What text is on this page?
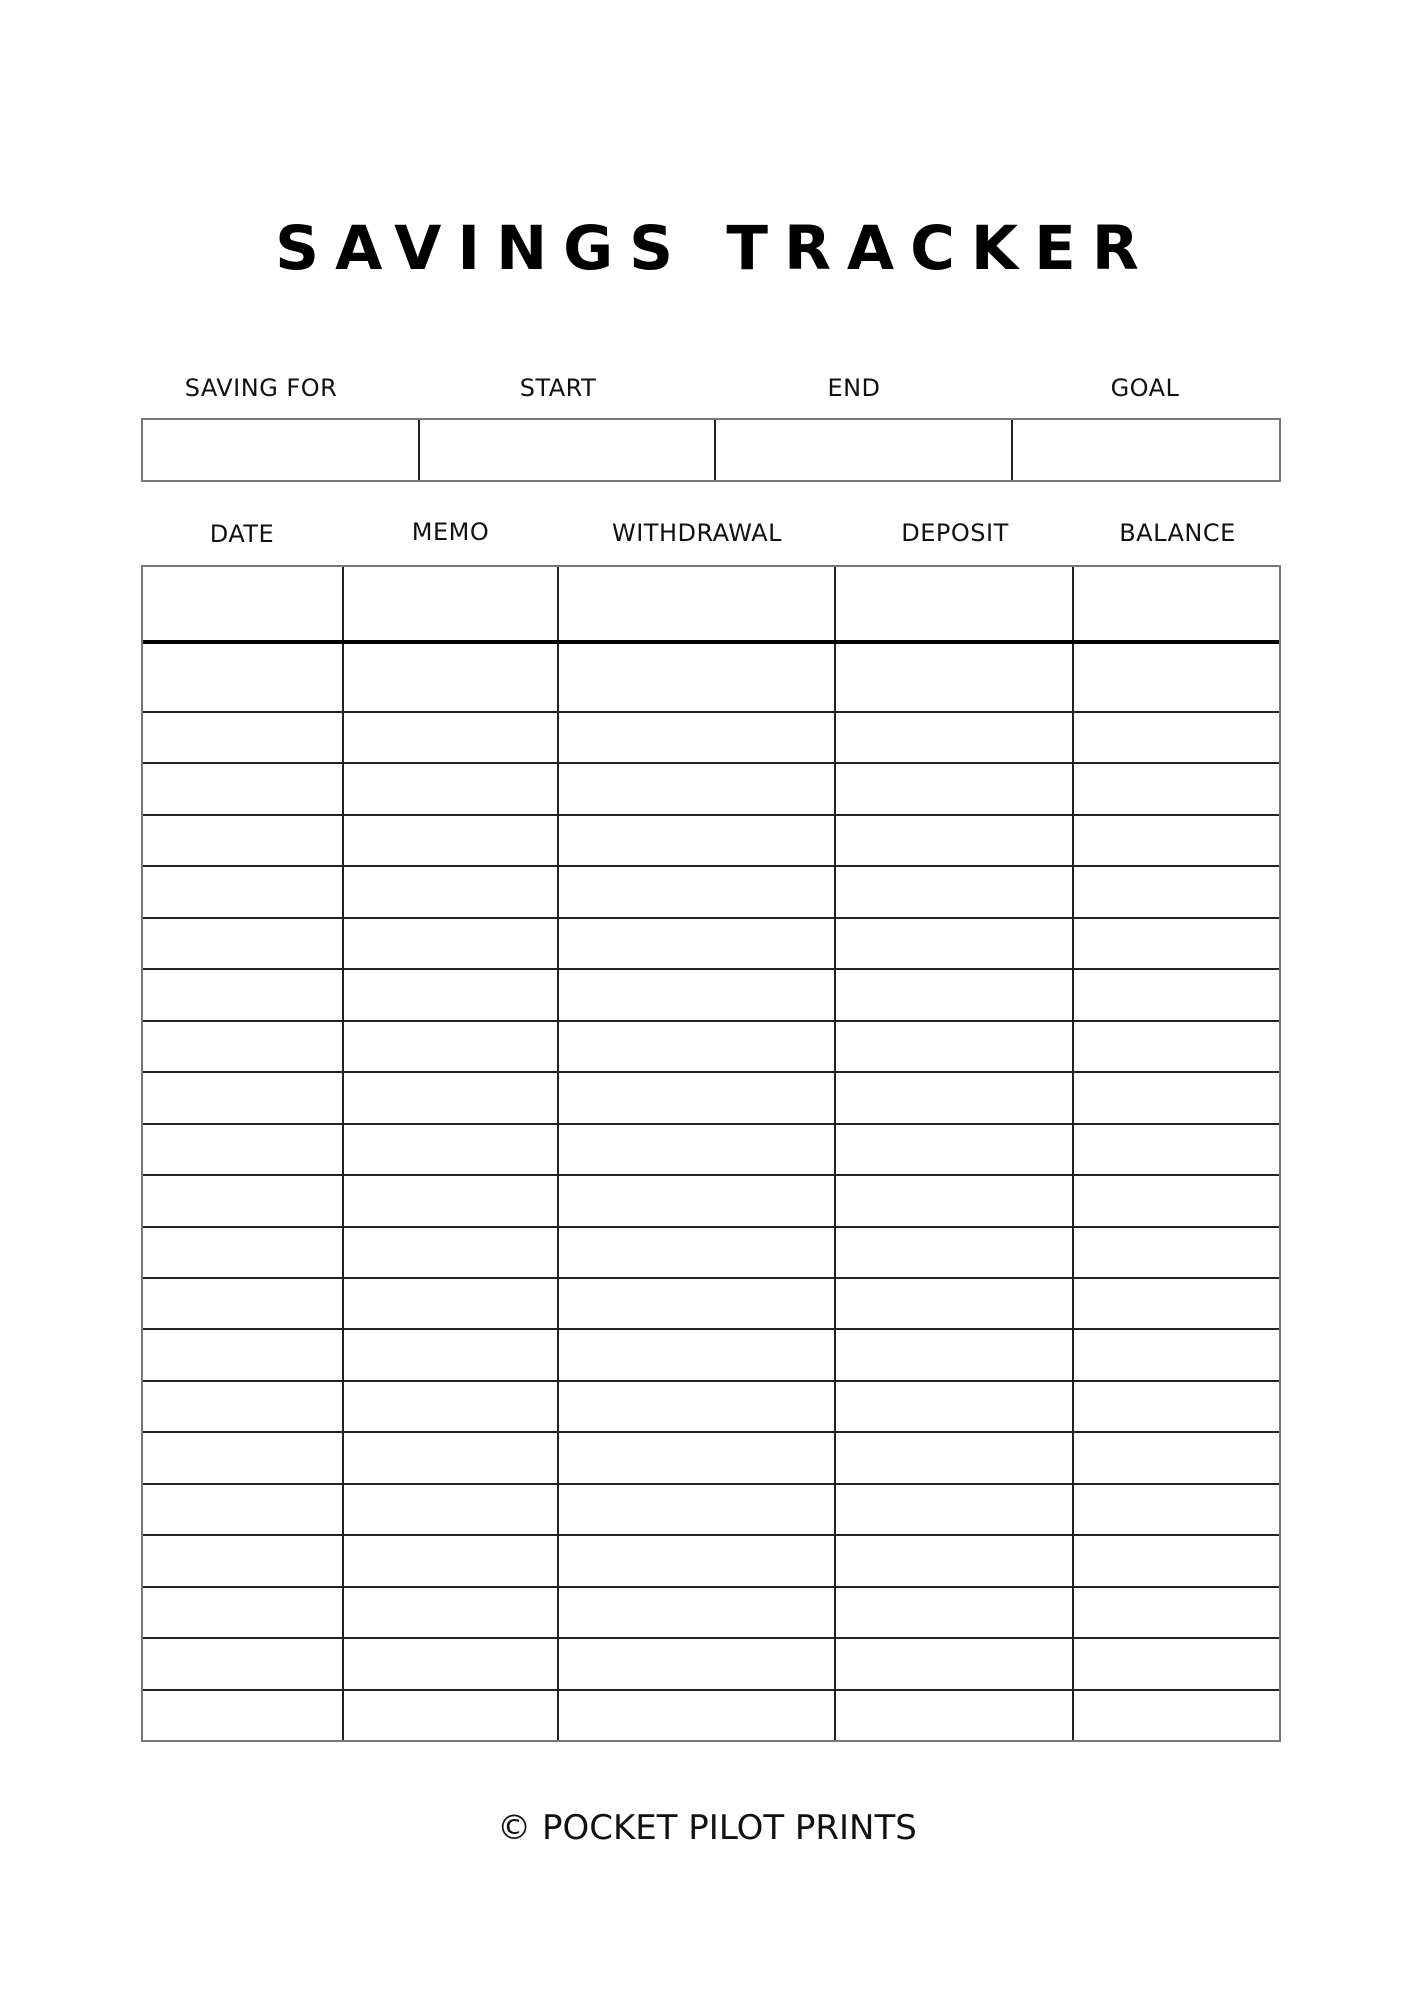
SAVINGS TRACKER
SAVING FOR	START	END	GOAL
DATE	MEMO	WITHDRAWAL	DEPOSIT	BALANCE
© POCKET PILOT PRINTS
